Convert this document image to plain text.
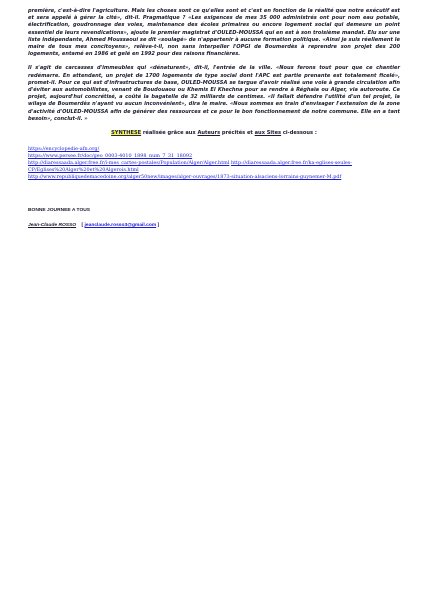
première, c'est-à-dire l'agriculture. Mais les choses sont ce qu'elles sont et c'est en fonction de la réalité que notre exécutif est et sera appelé à gérer la cité», dit-il. Pragmatique ? «Les exigences de mes 35 000 administrés ont pour nom eau potable, électrification, goudronnage des voies, maintenance des écoles primaires ou encore logement social qui demeure un point essentiel de leurs revendications», ajoute le premier magistrat d'OULED-MOUSSA qui en est à son troisième mandat. Elu sur une liste indépendante, Ahmed Moussaoui se dit «soulagé» de n'appartenir à aucune formation politique. «Ainsi je suis réellement le maire de tous mes concitoyens», relève-t-il, non sans interpeller l'OPGI de Boumerdès à reprendre son projet des 200 logements, entamé en 1986 et gelé en 1992 pour des raisons financières.

Il s'agit de carcasses d'immeubles qui «dénaturent», dit-il, l'entrée de la ville. «Nous ferons tout pour que ce chantier redémarre. En attendant, un projet de 1700 logements de type social dont l'APC est partie prenante est totalement ficelé», promet-il. Pour ce qui est d'infrastructures de base, OULED-MOUSSA se targue d'avoir réalisé une voie à grande circulation afin d'éviter aux automobilistes, venant de Boudouaou ou Khemis El Khechna pour se rendre à Réghaïa ou Alger, via autoroute. Ce projet, aujourd'hui concrétisé, a coûté la bagatelle de 32 milliards de centimes. «Il fallait défendre l'utilité d'un tel projet, la wilaya de Boumerdès n'ayant vu aucun inconvénient», dira le maire. «Nous sommes en train d'envisager l'extension de la zone d'activité d'OULED-MOUSSA afin de générer des ressources et ce pour le bon fonctionnement de notre commune. Elle en a tant besoin», conclut-il. »

SYNTHESE réalisée grâce aux Auteurs précités et aux Sites ci-dessous :

https://encyclopedie-afn.org/
https://www.persee.fr/doc/geo_0003-4010_1898_num_7_31_18092
http://diaressaada.alger.free.fr/i-mes_cartes-postales/Population/Alger/Alger.html http://diaressaada.alger.free.fr/ka-eglises-seules-CP/Eglises%20Alger%20et%20Algerois.html
http://www.republiquedemacedoine.org/alger50new/images/alger-ouvrages/1873-situation-alsaciens-lorrains-guynemer-M.pdf
BONNE JOURNEE A TOUS
Jean-Claude ROSSO [ jeanclaude.rosso3@gmail.com ]
